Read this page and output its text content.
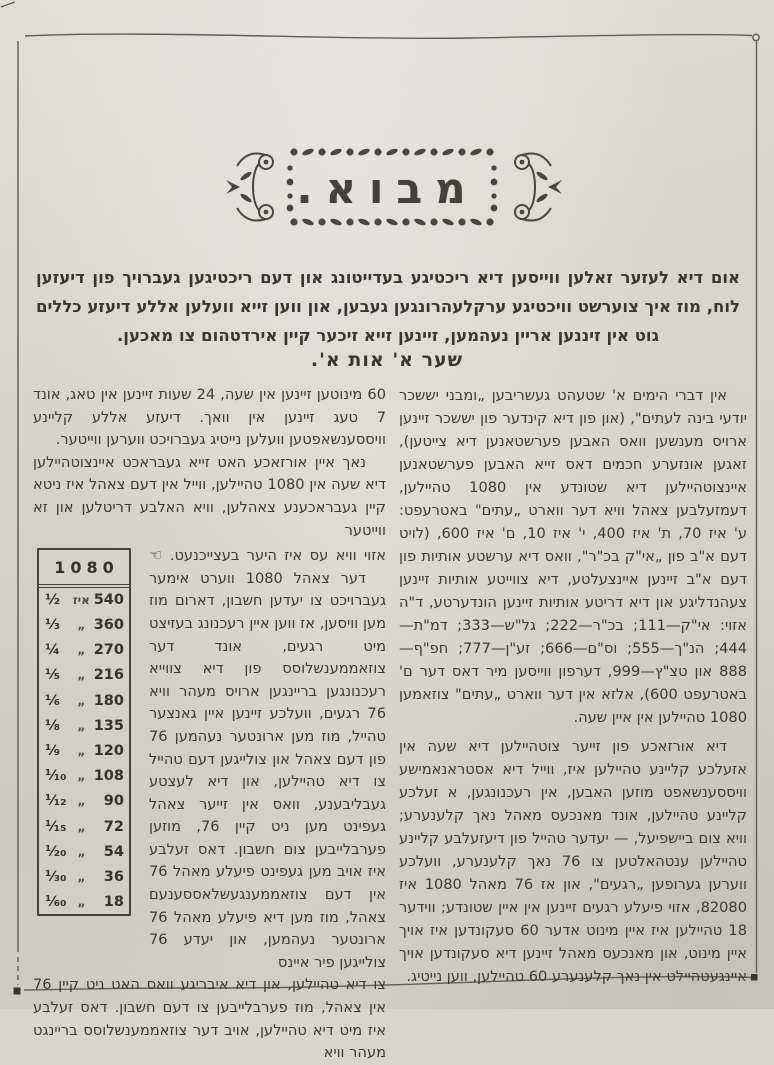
מבוא.

אום דיא לעזער זאלען ווייסען דיא ריכטיגע בעדייטונג און דעם ריכטיגען געברויך פון דיעזען לוח, מוז איך צוערשט וויכטיגע ערקלעהרונגען געבען, און ווען זייא וועלען אללע דיעזע כללים גוט אין זיננען אריין נעהמען, זיינען זייא זיכער קיין אירדטהום צו מאכען.

שער א' אות א'.

אין דברי הימים א' שטעהט געשריבען „ומבני יששכר יודעי בינה לעתים", (און פון דיא קינדער פון יששכר זיינען ארויס מענשען וואס האבען פערשטאנען דיא צייטען), זאגען אונזערע חכמים דאס זייא האבען פערשטאנען איינצוטהיילען דיא שטונדע אין 1080 טהיילען, דעמזעלבען צאהל וויא דער ווארט „עתים" באטרעפט: ע' איז 70, ת' איז 400, י' איז 10, ם' איז 600, (לויט דעם א"ב פון „אי"ק בכ"ר", וואס דיא ערשטע אותיות פון דעם א"ב זיינען איינצעלטע, דיא צווייטע אותיות זיינען צעהנדליגע און דיא דריטע אותיות זיינען הונדערטע, ד"ה אזוי: אי"ק—111; בכ"ר—222; גל"ש—333; דמ"ת—444; הנ"ך—555; וס"ם—666; זע"ן—777; חפ"ף—888 און טצ"ץ—999, דערפון ווייסען מיר דאס דער ם' באטרעפט 600), אלזא אין דער ווארט „עתים" צוזאמען 1080 טהיילען אין איין שעה.

דיא אורזאכע פון זייער צוטהיילען דיא שעה אין אזעלכע קליינע טהיילען איז, ווייל דיא אסטראנאמישע וויססענשאפט מוזען האבען, אין רעכנונגען, א זעלכע קליינע טהיילען, אונד מאנכעס מאהל נאך קלענערע; וויא צום ביישפיעל, — יעדער טהייל פון דיעזעלבע קליינע טהיילען ענטהאלטען צו 76 נאך קלענערע, וועלכע ווערען גערופען „רגעים", און אז 76 מאהל 1080 איז 82080, אזוי פיעלע רגעים זיינען אין איין שטונדע; ווידער 18 טהיילען איז איין מינוט אדער 60 סעקונדען איז אויך איין מינוט, און מאנכעס מאהל זיינען דיא סעקונדען אויך איינגעטהיילט אין נאך קלענערע 60 טהיילען, ווען נייטיג.

60 מינוטען זיינען אין שעה, 24 שעות זיינען אין טאג, אונד 7 טעג זיינען אין וואך. דיעזע אללע קליינע וויססענשאפטען וועלען נייטיג געברויכט ווערען ווייטער.

נאך איין אורזאכע האט זייא געבראכט איינצוטהיילען דיא שעה אין 1080 טהיילען, ווייל אין דעם צאהל איז ניטא קיין געבראכענע צאהלען, וויא האלבע דריטלען און זא ווייטער

1080
½	איז 540
⅓	„ 360
¼	„ 270
⅕	„ 216
⅙	„ 180
⅛	„ 135
¹⁄₉	„ 120
¹⁄₁₀ „ 108
¹⁄₁₂ „	90
¹⁄₁₅ „	72
¹⁄₂₀ „	54
¹⁄₃₀ „	36
¹⁄₆₀ „	18
אזוי וויא עס איז היער בעצייכנעט. ☜

דער צאהל 1080 ווערט אימער געברויכט צו יעדען חשבון, דארום מוז מען וויסען, אז ווען איין רעכנונג בעזיצט מיט רגעים, אונד דער צוזאממענשלוסס פון דיא צווייא רעכנונגען בריינגען ארויס מעהר וויא 76 רגעים, וועלכע זיינען איין גאנצער טהייל, מוז מען ארונטער נעהמען 76 פון דעם צאהל און צולייגען דעם טהייל צו דיא טהיילען, און דיא לעצטע געבליבענע, וואס אין זייער צאהל געפינט מען ניט קיין 76, מוזען פערבלייבען צום חשבון. דאס זעלבע איז אויב מען געפינט פיעלע מאהל 76 אין דעם צוזאממענגעשלאססענעם צאהל, מוז מען דיא פיעלע מאהל 76 ארונטער נעהמען, און יעדע 76 צולייגען פיר איינס

צו דיא טהיילען, און דיא איבריגע וואס האט ניט קיין 76 אין צאהל, מוז פערבלייבען צו דעם חשבון. דאס זעלבע איז מיט דיא טהיילען, אויב דער צוזאממענשלוסס בריינגט מעהר וויא
